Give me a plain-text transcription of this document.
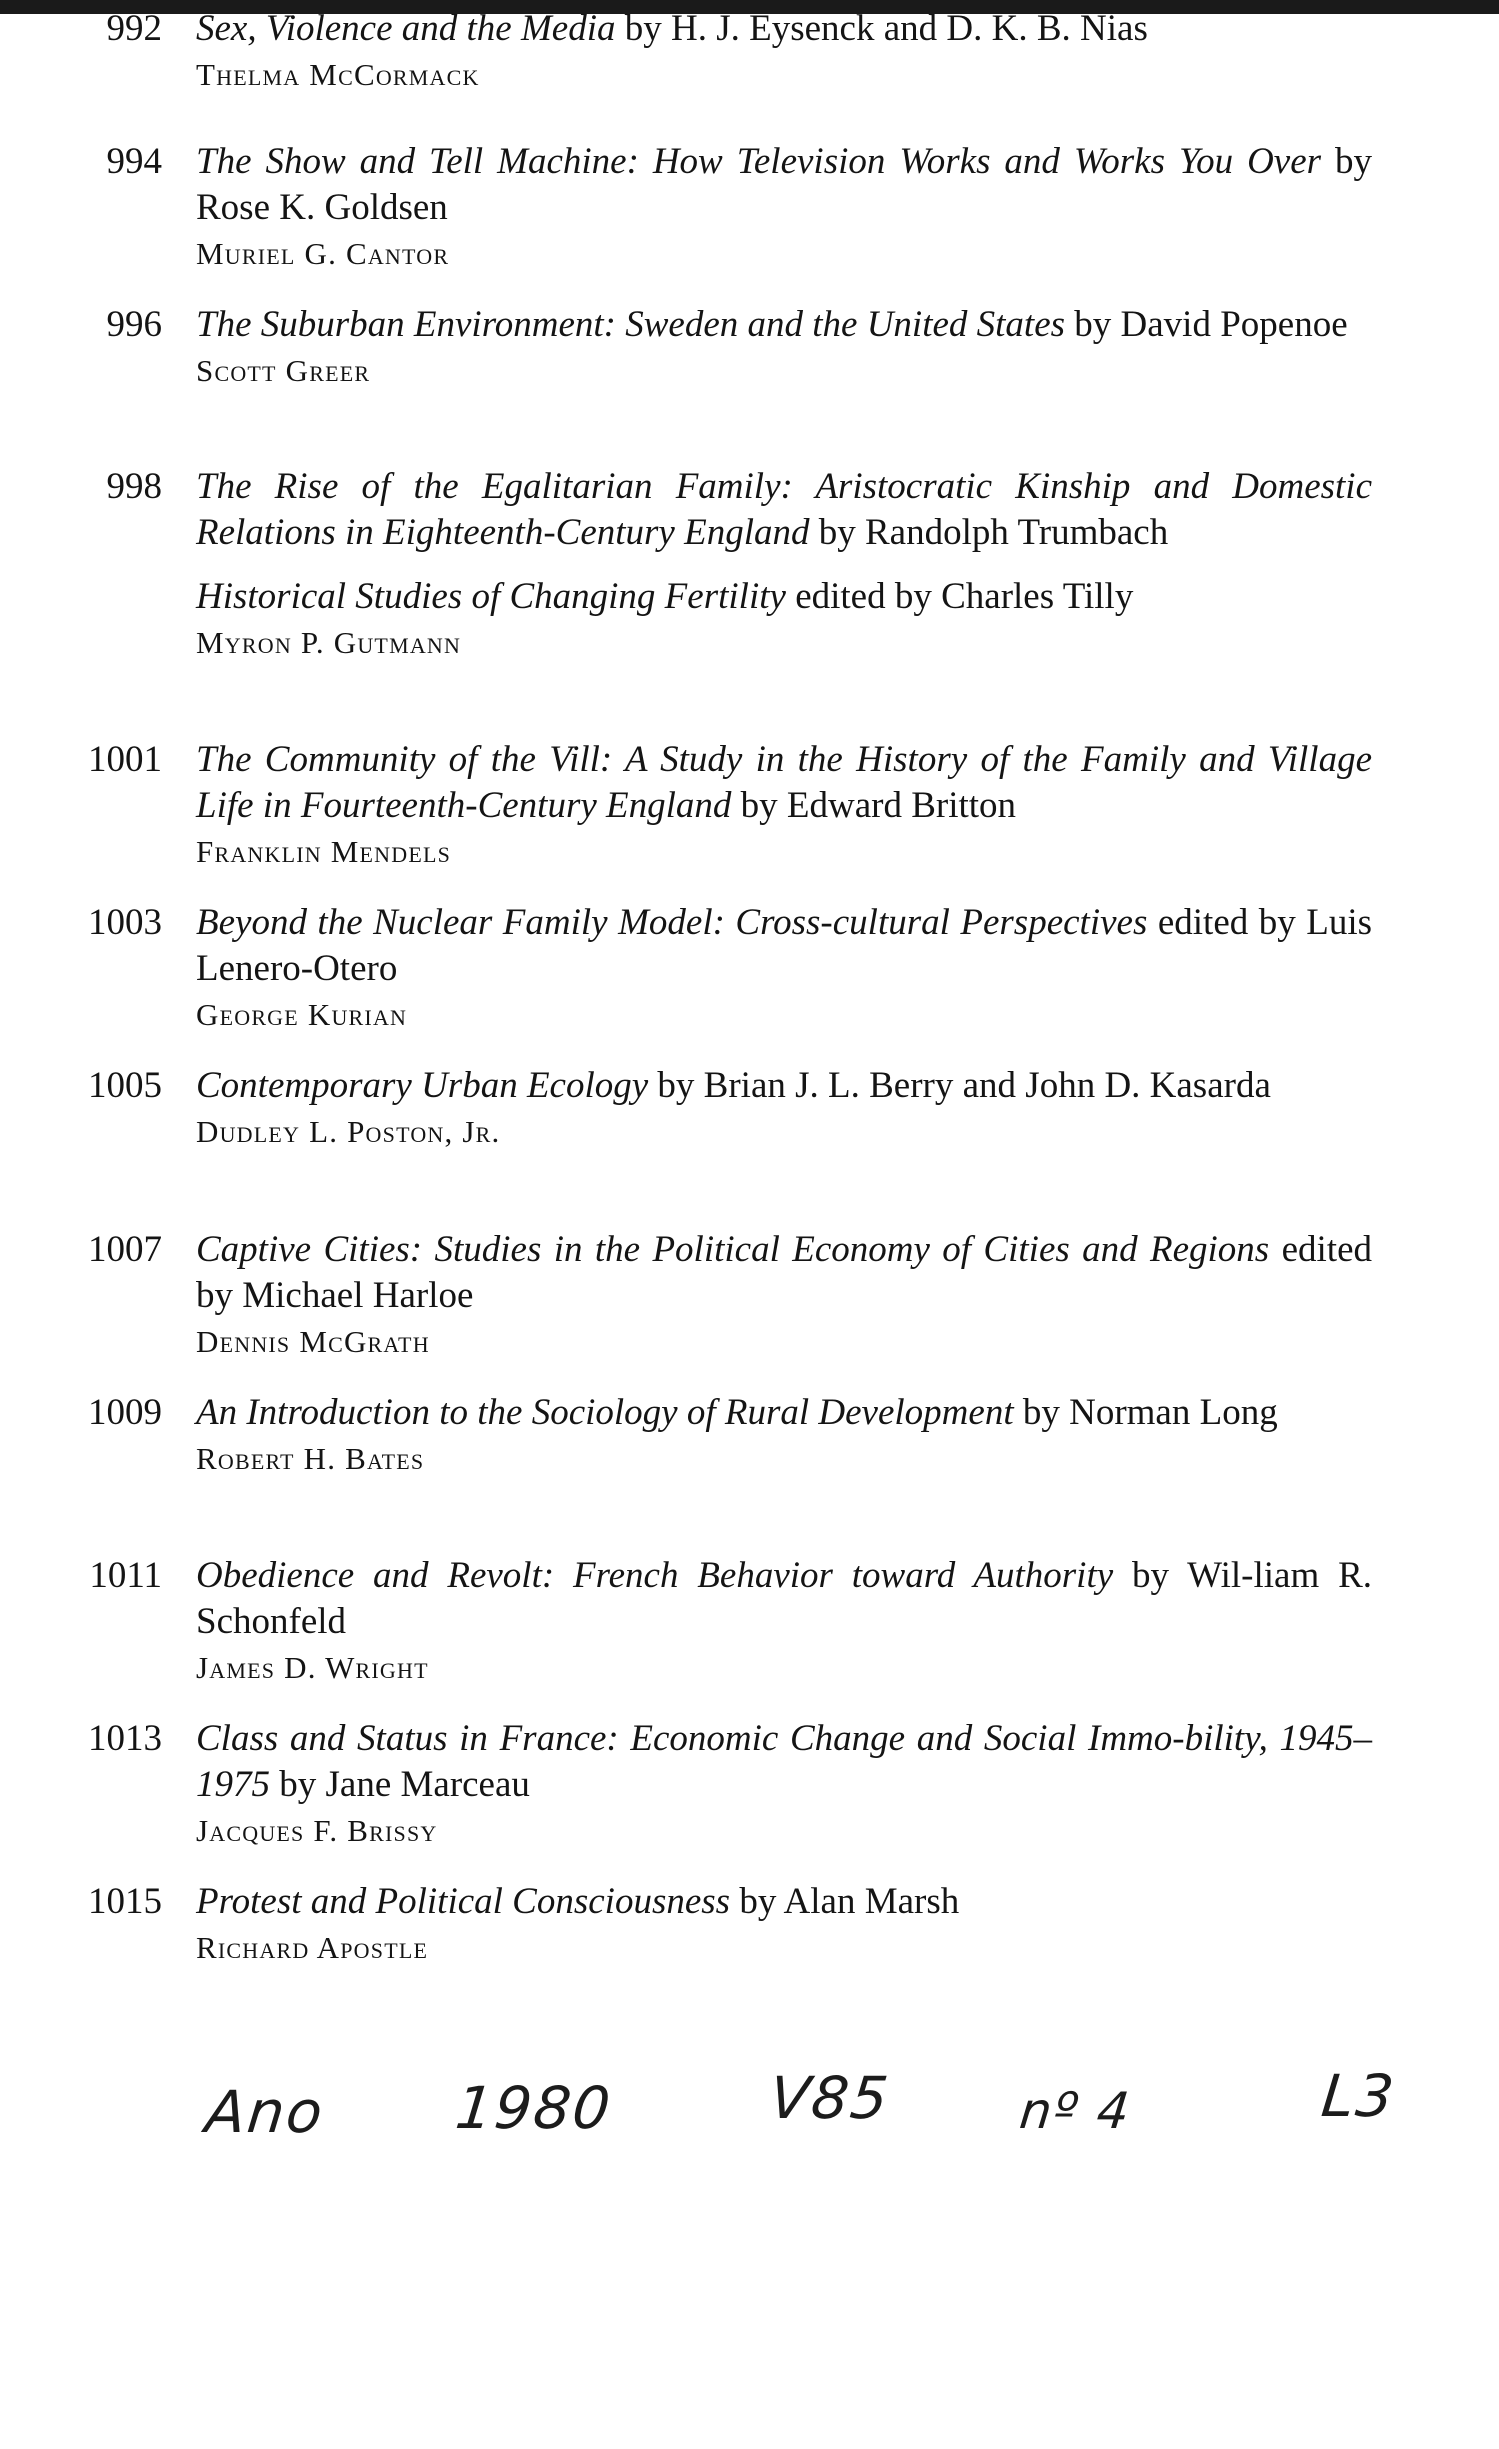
992 Sex, Violence and the Media by H. J. Eysenck and D. K. B. Nias

Thelma McCormack

994 The Show and Tell Machine: How Television Works and Works You Over by Rose K. Goldsen

Muriel G. Cantor

996 The Suburban Environment: Sweden and the United States by David Popenoe

Scott Greer

998 The Rise of the Egalitarian Family: Aristocratic Kinship and Domestic Relations in Eighteenth-Century England by Randolph Trumbach

Historical Studies of Changing Fertility edited by Charles Tilly

Myron P. Gutmann

1001 The Community of the Vill: A Study in the History of the Family and Village Life in Fourteenth-Century England by Edward Britton

Franklin Mendels

1003 Beyond the Nuclear Family Model: Cross-cultural Perspectives edited by Luis Lenero-Otero

George Kurian

1005 Contemporary Urban Ecology by Brian J. L. Berry and John D. Kasarda

Dudley L. Poston, Jr.

1007 Captive Cities: Studies in the Political Economy of Cities and Regions edited by Michael Harloe

Dennis McGrath

1009 An Introduction to the Sociology of Rural Development by Norman Long

Robert H. Bates

1011 Obedience and Revolt: French Behavior toward Authority by Wil-liam R. Schonfeld

James D. Wright

1013 Class and Status in France: Economic Change and Social Immo-bility, 1945–1975 by Jane Marceau

Jacques F. Brissy

1015 Protest and Political Consciousness by Alan Marsh

Richard Apostle

Ano 1980	V85 nº 4	L3
